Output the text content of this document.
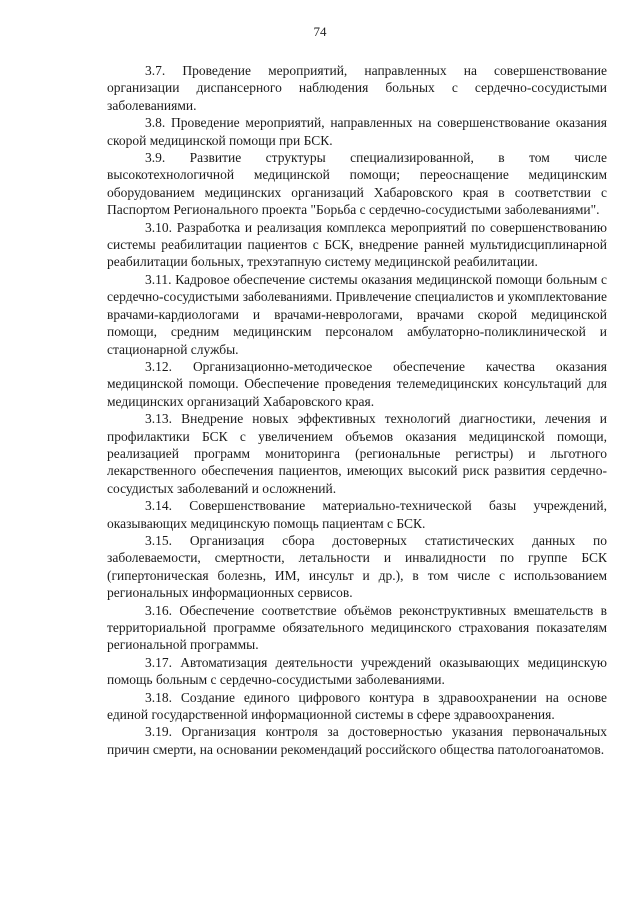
74

3.7. Проведение мероприятий, направленных на совершенствование организации диспансерного наблюдения больных с сердечно-сосудистыми заболеваниями.

3.8. Проведение мероприятий, направленных на совершенствование оказания скорой медицинской помощи при БСК.

3.9. Развитие структуры специализированной, в том числе высокотехнологичной медицинской помощи; переоснащение медицинским оборудованием медицинских организаций Хабаровского края в соответствии с Паспортом Регионального проекта "Борьба с сердечно-сосудистыми заболеваниями".

3.10. Разработка и реализация комплекса мероприятий по совершенствованию системы реабилитации пациентов с БСК, внедрение ранней мультидисциплинарной реабилитации больных, трехэтапную систему медицинской реабилитации.

3.11. Кадровое обеспечение системы оказания медицинской помощи больным с сердечно-сосудистыми заболеваниями. Привлечение специалистов и укомплектование врачами-кардиологами и врачами-неврологами, врачами скорой медицинской помощи, средним медицинским персоналом амбулаторно-поликлинической и стационарной службы.

3.12. Организационно-методическое обеспечение качества оказания медицинской помощи. Обеспечение проведения телемедицинских консультаций для медицинских организаций Хабаровского края.

3.13. Внедрение новых эффективных технологий диагностики, лечения и профилактики БСК с увеличением объемов оказания медицинской помощи, реализацией программ мониторинга (региональные регистры) и льготного лекарственного обеспечения пациентов, имеющих высокий риск развития сердечно-сосудистых заболеваний и осложнений.

3.14. Совершенствование материально-технической базы учреждений, оказывающих медицинскую помощь пациентам с БСК.

3.15. Организация сбора достоверных статистических данных по заболеваемости, смертности, летальности и инвалидности по группе БСК (гипертоническая болезнь, ИМ, инсульт и др.), в том числе с использованием региональных информационных сервисов.

3.16. Обеспечение соответствие объёмов реконструктивных вмешательств в территориальной программе обязательного медицинского страхования показателям региональной программы.

3.17. Автоматизация деятельности учреждений оказывающих медицинскую помощь больным с сердечно-сосудистыми заболеваниями.

3.18. Создание единого цифрового контура в здравоохранении на основе единой государственной информационной системы в сфере здравоохранения.

3.19. Организация контроля за достоверностью указания первоначальных причин смерти, на основании рекомендаций российского общества патологоанатомов.
